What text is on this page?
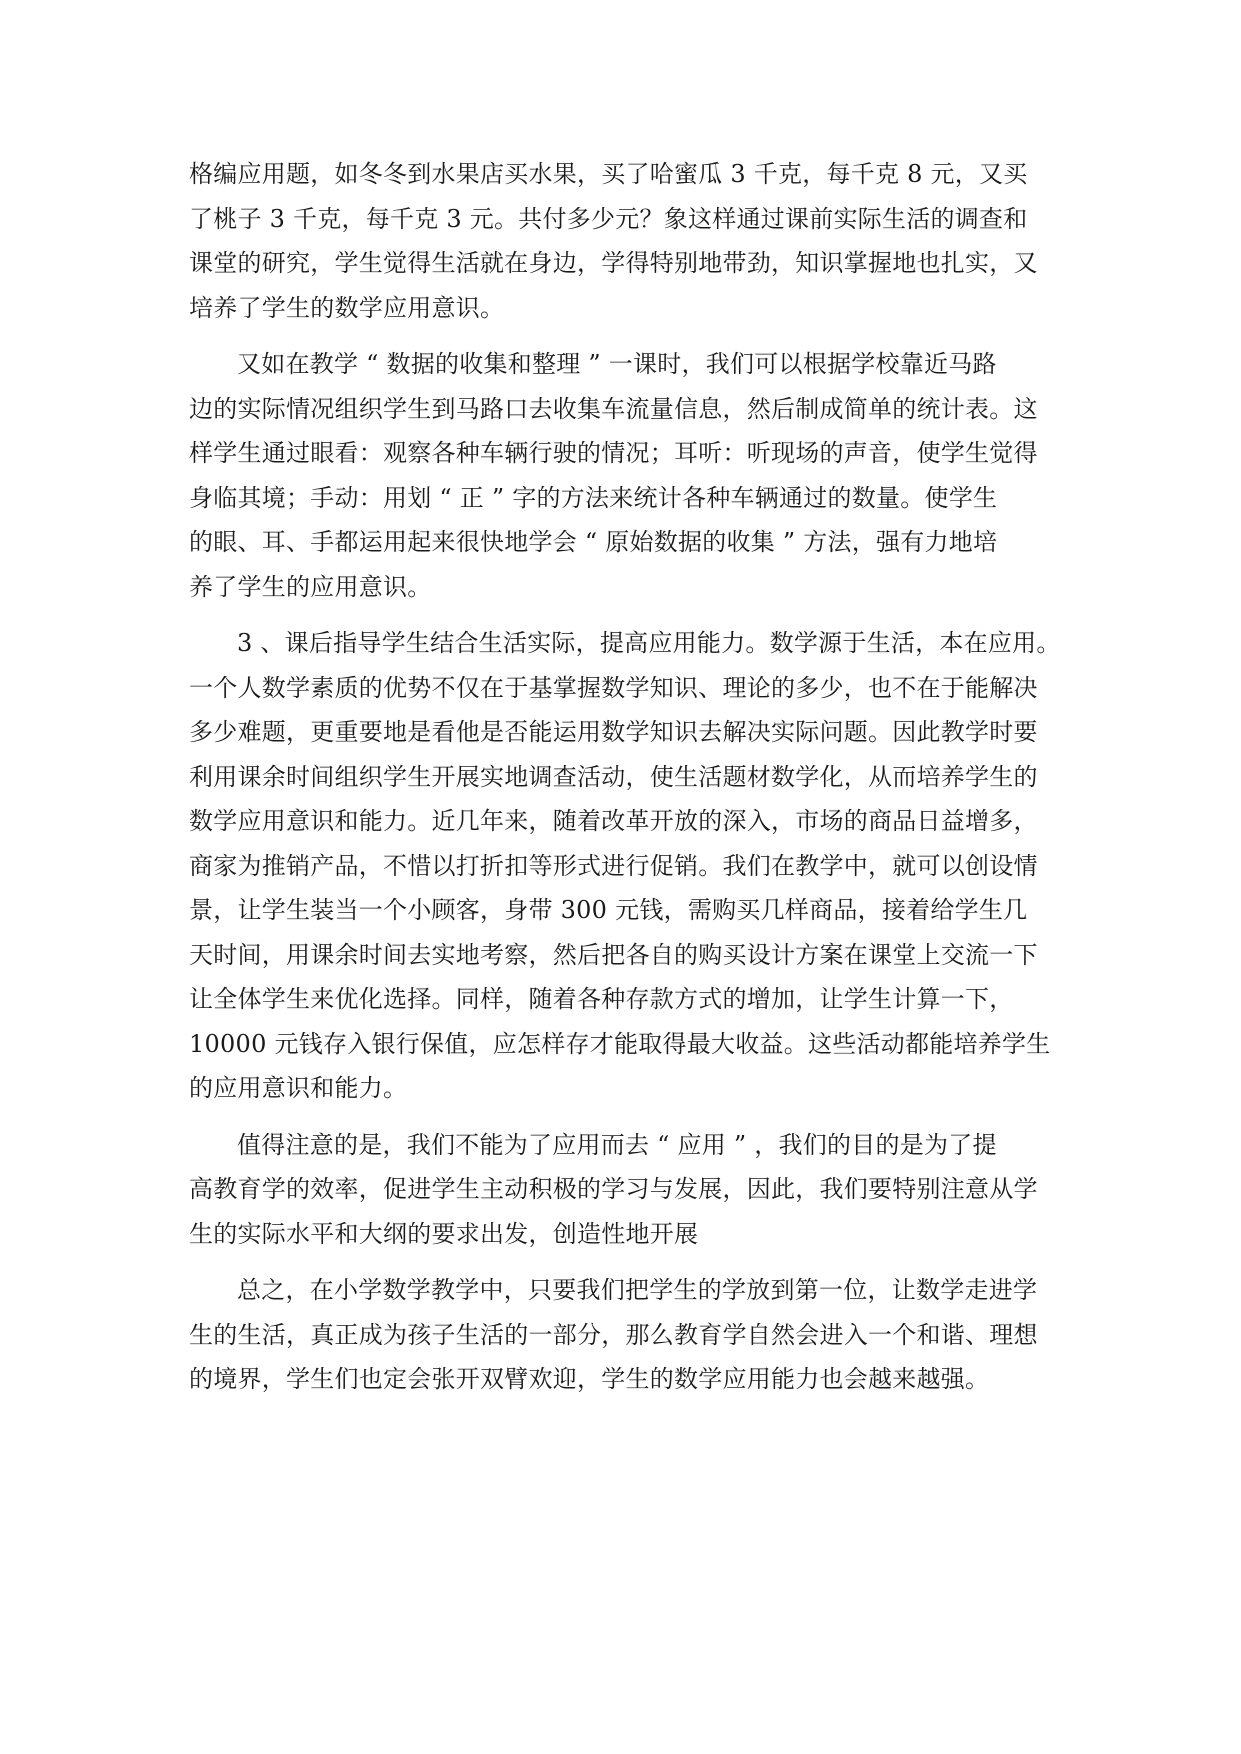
格编应用题，如冬冬到水果店买水果，买了哈蜜瓜 3 千克，每千克 8 元，又买
了桃子 3 千克，每千克 3 元。共付多少元？象这样通过课前实际生活的调查和
课堂的研究，学生觉得生活就在身边，学得特别地带劲，知识掌握地也扎实，又
培养了学生的数学应用意识。
又如在教学 “ 数据的收集和整理 ” 一课时，我们可以根据学校靠近马路
边的实际情况组织学生到马路口去收集车流量信息，然后制成简单的统计表。这
样学生通过眼看：观察各种车辆行驶的情况；耳听：听现场的声音，使学生觉得
身临其境；手动：用划 “ 正 ” 字的方法来统计各种车辆通过的数量。使学生
的眼、耳、手都运用起来很快地学会 “ 原始数据的收集 ” 方法，强有力地培
养了学生的应用意识。
3 、课后指导学生结合生活实际，提高应用能力。数学源于生活，本在应用。
一个人数学素质的优势不仅在于基掌握数学知识、理论的多少，也不在于能解决
多少难题，更重要地是看他是否能运用数学知识去解决实际问题。因此教学时要
利用课余时间组织学生开展实地调查活动，使生活题材数学化，从而培养学生的
数学应用意识和能力。近几年来，随着改革开放的深入，市场的商品日益增多，
商家为推销产品，不惜以打折扣等形式进行促销。我们在教学中，就可以创设情
景，让学生装当一个小顾客，身带 300 元钱，需购买几样商品，接着给学生几
天时间，用课余时间去实地考察，然后把各自的购买设计方案在课堂上交流一下
让全体学生来优化选择。同样，随着各种存款方式的增加，让学生计算一下，
10000 元钱存入银行保值，应怎样存才能取得最大收益。这些活动都能培养学生
的应用意识和能力。
值得注意的是，我们不能为了应用而去 “ 应用 ” ，我们的目的是为了提
高教育学的效率，促进学生主动积极的学习与发展，因此，我们要特别注意从学
生的实际水平和大纲的要求出发，创造性地开展
总之，在小学数学教学中，只要我们把学生的学放到第一位，让数学走进学
生的生活，真正成为孩子生活的一部分，那么教育学自然会进入一个和谐、理想
的境界，学生们也定会张开双臂欢迎，学生的数学应用能力也会越来越强。
